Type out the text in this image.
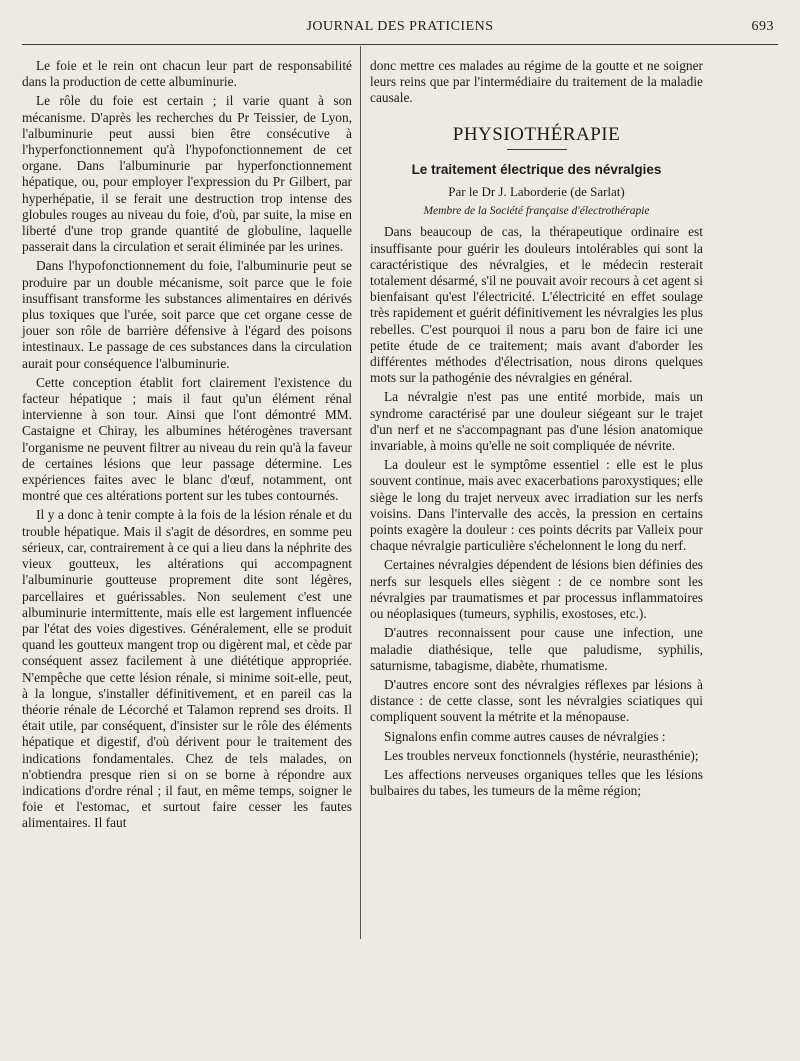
JOURNAL DES PRATICIENS	693

Le foie et le rein ont chacun leur part de responsabilité dans la production de cette albuminurie.

Le rôle du foie est certain ; il varie quant à son mécanisme. D'après les recherches du Pr Teissier, de Lyon, l'albuminurie peut aussi bien être consécutive à l'hyperfonctionnement qu'à l'hypofonctionnement de cet organe. Dans l'albuminurie par hyperfonctionnement hépatique, ou, pour employer l'expression du Pr Gilbert, par hyperhépatie, il se ferait une destruction trop intense des globules rouges au niveau du foie, d'où, par suite, la mise en liberté d'une trop grande quantité de globuline, laquelle passerait dans la circulation et serait éliminée par les urines.

Dans l'hypofonctionnement du foie, l'albuminurie peut se produire par un double mécanisme, soit parce que le foie insuffisant transforme les substances alimentaires en dérivés plus toxiques que l'urée, soit parce que cet organe cesse de jouer son rôle de barrière défensive à l'égard des poisons intestinaux. Le passage de ces substances dans la circulation aurait pour conséquence l'albuminurie.

Cette conception établit fort clairement l'existence du facteur hépatique ; mais il faut qu'un élément rénal intervienne à son tour. Ainsi que l'ont démontré MM. Castaigne et Chiray, les albumines hétérogènes traversant l'organisme ne peuvent filtrer au niveau du rein qu'à la faveur de certaines lésions que leur passage détermine. Les expériences faites avec le blanc d'œuf, notamment, ont montré que ces altérations portent sur les tubes contournés.

Il y a donc à tenir compte à la fois de la lésion rénale et du trouble hépatique. Mais il s'agit de désordres, en somme peu sérieux, car, contrairement à ce qui a lieu dans la néphrite des vieux goutteux, les altérations qui accompagnent l'albuminurie goutteuse proprement dite sont légères, parcellaires et guérissables. Non seulement c'est une albuminurie intermittente, mais elle est largement influencée par l'état des voies digestives. Généralement, elle se produit quand les goutteux mangent trop ou digèrent mal, et cède par conséquent assez facilement à une diététique appropriée. N'empêche que cette lésion rénale, si minime soit-elle, peut, à la longue, s'installer définitivement, et en pareil cas la théorie rénale de Lécorché et Talamon reprend ses droits. Il était utile, par conséquent, d'insister sur le rôle des éléments hépatique et digestif, d'où dérivent pour le traitement des indications fondamentales. Chez de tels malades, on n'obtiendra presque rien si on se borne à répondre aux indications d'ordre rénal ; il faut, en même temps, soigner le foie et l'estomac, et surtout faire cesser les fautes alimentaires. Il faut

donc mettre ces malades au régime de la goutte et ne soigner leurs reins que par l'intermédiaire du traitement de la maladie causale.

PHYSIOTHÉRAPIE
Le traitement électrique des névralgies
Par le Dr J. Laborderie (de Sarlat)
Membre de la Société française d'électrothérapie

Dans beaucoup de cas, la thérapeutique ordinaire est insuffisante pour guérir les douleurs intolérables qui sont la caractéristique des névralgies, et le médecin resterait totalement désarmé, s'il ne pouvait avoir recours à cet agent si bienfaisant qu'est l'électricité. L'électricité en effet soulage très rapidement et guérit définitivement les névralgies les plus rebelles. C'est pourquoi il nous a paru bon de faire ici une petite étude de ce traitement; mais avant d'aborder les différentes méthodes d'électrisation, nous dirons quelques mots sur la pathogénie des névralgies en général.

La névralgie n'est pas une entité morbide, mais un syndrome caractérisé par une douleur siégeant sur le trajet d'un nerf et ne s'accompagnant pas d'une lésion anatomique invariable, à moins qu'elle ne soit compliquée de névrite.

La douleur est le symptôme essentiel : elle est le plus souvent continue, mais avec exacerbations paroxystiques; elle siège le long du trajet nerveux avec irradiation sur les nerfs voisins. Dans l'intervalle des accès, la pression en certains points exagère la douleur : ces points décrits par Valleix pour chaque névralgie particulière s'échelonnent le long du nerf.

Certaines névralgies dépendent de lésions bien définies des nerfs sur lesquels elles siègent : de ce nombre sont les névralgies par traumatismes et par processus inflammatoires ou néoplasiques (tumeurs, syphilis, exostoses, etc.).

D'autres reconnaissent pour cause une infection, une maladie diathésique, telle que paludisme, syphilis, saturnisme, tabagisme, diabète, rhumatisme.

D'autres encore sont des névralgies réflexes par lésions à distance : de cette classe, sont les névralgies sciatiques qui compliquent souvent la métrite et la ménopause.

Signalons enfin comme autres causes de névralgies :

Les troubles nerveux fonctionnels (hystérie, neurasthénie);

Les affections nerveuses organiques telles que les lésions bulbaires du tabes, les tumeurs de la même région;
